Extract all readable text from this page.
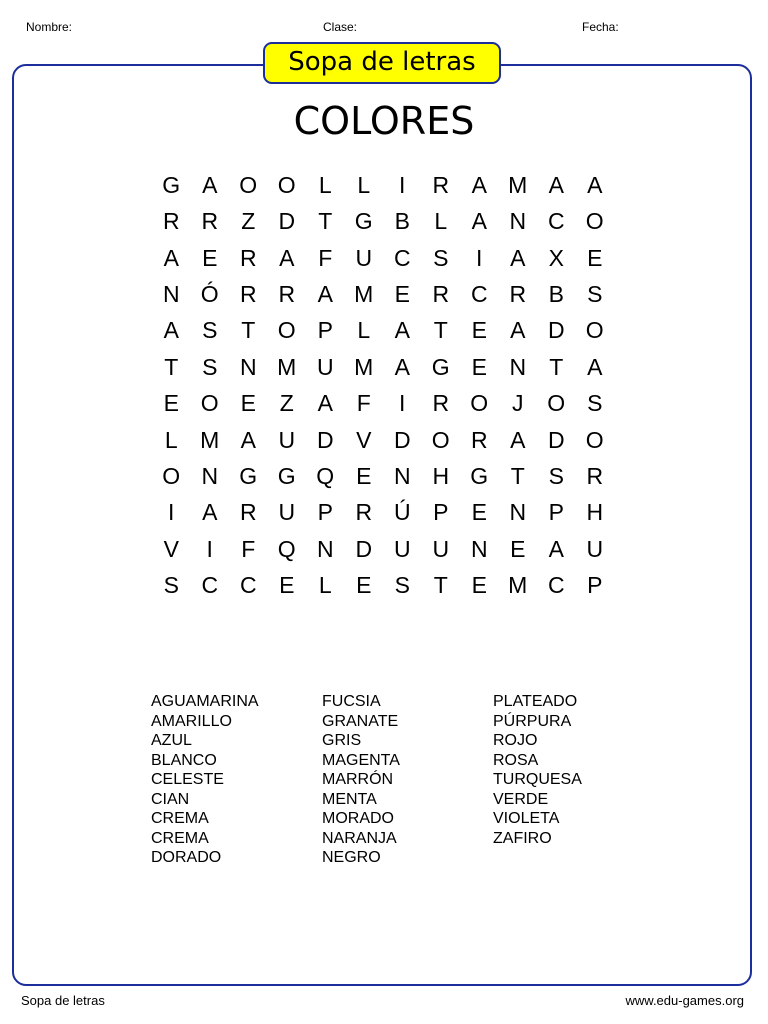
Nombre:	Clase:	Fecha:
Sopa de letras
COLORES
G A O O	L	L	I	R A M A	A
R R	Z	D	T G B	L	A N C O
A	E R A	F	U C S	I	A	X	E
N Ó R R A M E R C R B	S
A	S	T O P	L	A	T	E	A D O
T	S N M U M A G E N	T	A
E O E	Z	A	F	I	R O	J	O S
L M A U D V D O R A D O
O N G G Q E N H G T	S R
I	A R U P R Ú P	E N P H
V	I	F Q N D U U N E	A U
S C C E	L	E	S	T	E M C P
AGUAMARINA
AMARILLO
AZUL
BLANCO
CELESTE
CIAN
CREMA
CREMA
DORADO
FUCSIA
GRANATE
GRIS
MAGENTA
MARRÓN
MENTA
MORADO
NARANJA
NEGRO
PLATEADO
PÚRPURA
ROJO
ROSA
TURQUESA
VERDE
VIOLETA
ZAFIRO
Sopa de letras	www.edu-games.org
